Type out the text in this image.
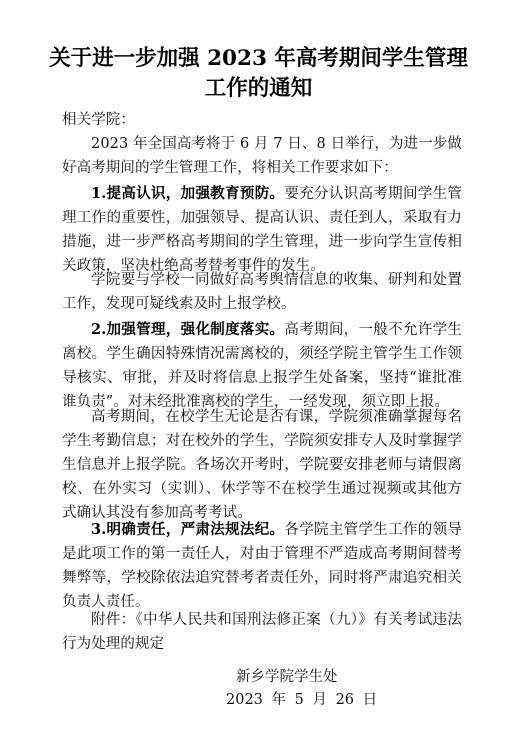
关于进一步加强 2023 年高考期间学生管理
工作的通知

相关学院：

2023 年全国高考将于 6 月 7 日、8 日举行，为进一步做好高考期间的学生管理工作，将相关工作要求如下：

1.提高认识，加强教育预防。要充分认识高考期间学生管理工作的重要性，加强领导、提高认识、责任到人，采取有力措施，进一步严格高考期间的学生管理，进一步向学生宣传相关政策，坚决杜绝高考替考事件的发生。

学院要与学校一同做好高考舆情信息的收集、研判和处置工作，发现可疑线索及时上报学校。

2.加强管理，强化制度落实。高考期间，一般不允许学生离校。学生确因特殊情况需离校的，须经学院主管学生工作领导核实、审批，并及时将信息上报学生处备案，坚持“谁批准谁负责”。对未经批准离校的学生，一经发现，须立即上报。

高考期间，在校学生无论是否有课，学院须准确掌握每名学生考勤信息；对在校外的学生，学院须安排专人及时掌握学生信息并上报学院。各场次开考时，学院要安排老师与请假离校、在外实习（实训）、休学等不在校学生通过视频或其他方式确认其没有参加高考考试。

3.明确责任，严肃法规法纪。各学院主管学生工作的领导是此项工作的第一责任人，对由于管理不严造成高考期间替考舞弊等，学校除依法追究替考者责任外，同时将严肃追究相关负责人责任。

附件：《中华人民共和国刑法修正案（九）》有关考试违法行为处理的规定

新乡学院学生处

2023 年 5 月 26 日
